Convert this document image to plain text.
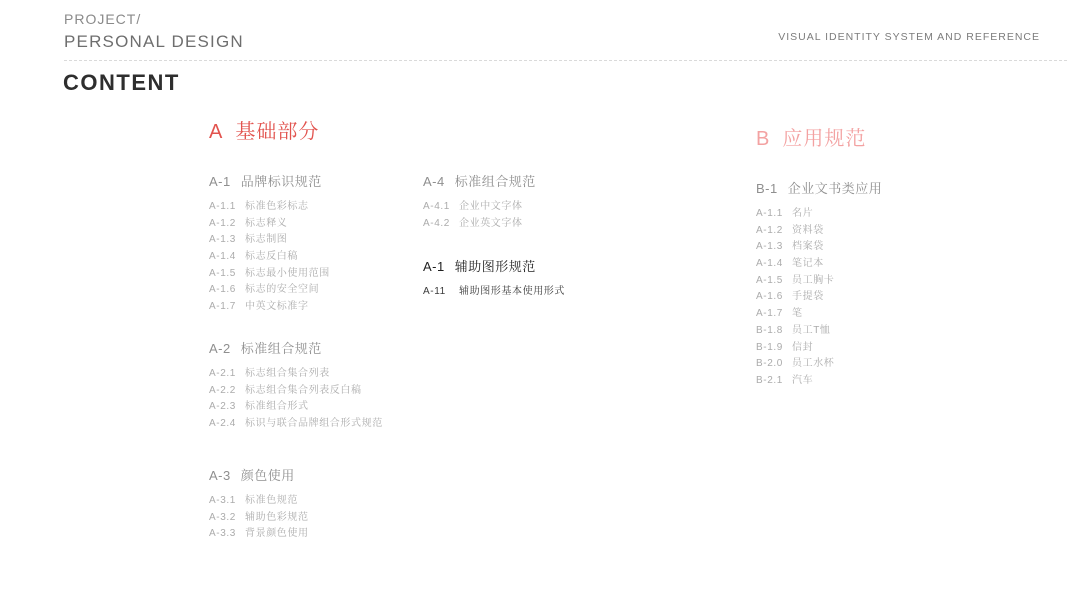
PROJECT/
PERSONAL DESIGN	VISUAL IDENTITY SYSTEM AND REFERENCE
CONTENT
A 基础部分	B 应用规范
A-1 品牌标识规范
A-1.1 标准色彩标志
A-1.2 标志释义
A-1.3 标志制图
A-1.4 标志反白稿
A-1.5 标志最小使用范围
A-1.6 标志的安全空间
A-1.7 中英文标准字
A-2 标准组合规范
A-2.1 标志组合集合列表
A-2.2 标志组合集合列表反白稿
A-2.3 标准组合形式
A-2.4 标识与联合品牌组合形式规范
A-3 颜色使用
A-3.1 标准色规范
A-3.2 辅助色彩规范
A-3.3 背景颜色使用
A-4 标准组合规范
A-4.1 企业中文字体
A-4.2 企业英文字体
A-1 辅助图形规范
A-11 辅助图形基本使用形式
B-1 企业文书类应用
A-1.1 名片
A-1.2 资料袋
A-1.3 档案袋
A-1.4 笔记本
A-1.5 员工胸卡
A-1.6 手提袋
A-1.7 笔
B-1.8 员工T恤
B-1.9 信封
B-2.0 员工水杯
B-2.1 汽车
